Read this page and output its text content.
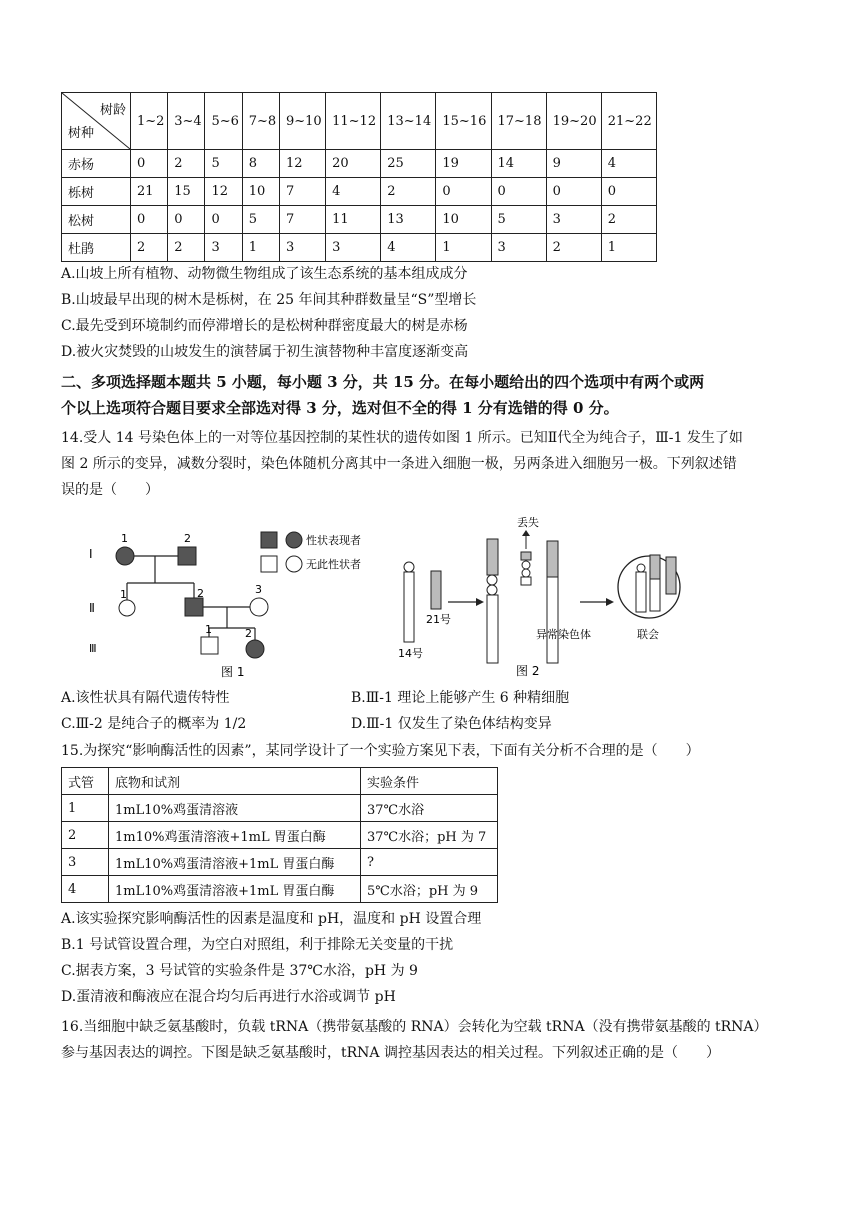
树龄
树种	1~2	3~4	5~6	7~8	9~10	11~12	13~14	15~16	17~18	19~20	21~22
赤杨	0	2	5	8	12	20	25	19	14	9	4
栎树	21	15	12	10	7	4	2	0	0	0	0
松树	0	0	0	5	7	11	13	10	5	3	2
杜鹃	2	2	3	1	3	3	4	1	3	2	1
A.山坡上所有植物、动物微生物组成了该生态系统的基本组成成分
B.山坡最早出现的树木是栎树，在 25 年间其种群数量呈“S”型增长
C.最先受到环境制约而停滞增长的是松树种群密度最大的树是赤杨
D.被火灾焚毁的山坡发生的演替属于初生演替物种丰富度逐渐变高
二、多项选择题本题共 5 小题，每小题 3 分，共 15 分。在每小题给出的四个选项中有两个或两
个以上选项符合题目要求全部选对得 3 分，选对但不全的得 1 分有选错的得 0 分。
14.受人 14 号染色体上的一对等位基因控制的某性状的遗传如图 1 所示。已知Ⅱ代全为纯合子，Ⅲ-1 发生了如
图 2 所示的变异，减数分裂时，染色体随机分离其中一条进入细胞一极，另两条进入细胞另一极。下列叙述错
误的是（　　）
Ⅰ
Ⅱ
Ⅲ
1	2
1	2	3
1	2
性状表现者
无此性状者
图 1
14号
21号
丢失
异常染色体	联会
图 2
A.该性状具有隔代遗传特性	B.Ⅲ-1 理论上能够产生 6 种精细胞
C.Ⅲ-2 是纯合子的概率为 1/2	D.Ⅲ-1 仅发生了染色体结构变异
15.为探究“影响酶活性的因素”，某同学设计了一个实验方案见下表，下面有关分析不合理的是（　　）
式管	底物和试剂	实验条件
1	1mL10%鸡蛋清溶液	37℃水浴
2	1m10%鸡蛋清溶液+1mL 胃蛋白酶	37℃水浴；pH 为 7
3	1mL10%鸡蛋清溶液+1mL 胃蛋白酶	?
4	1mL10%鸡蛋清溶液+1mL 胃蛋白酶	5℃水浴；pH 为 9
A.该实验探究影响酶活性的因素是温度和 pH，温度和 pH 设置合理
B.1 号试管设置合理，为空白对照组，利于排除无关变量的干扰
C.据表方案，3 号试管的实验条件是 37℃水浴，pH 为 9
D.蛋清液和酶液应在混合均匀后再进行水浴或调节 pH
16.当细胞中缺乏氨基酸时，负载 tRNA（携带氨基酸的 RNA）会转化为空载 tRNA（没有携带氨基酸的 tRNA）
参与基因表达的调控。下图是缺乏氨基酸时，tRNA 调控基因表达的相关过程。下列叙述正确的是（　　）
